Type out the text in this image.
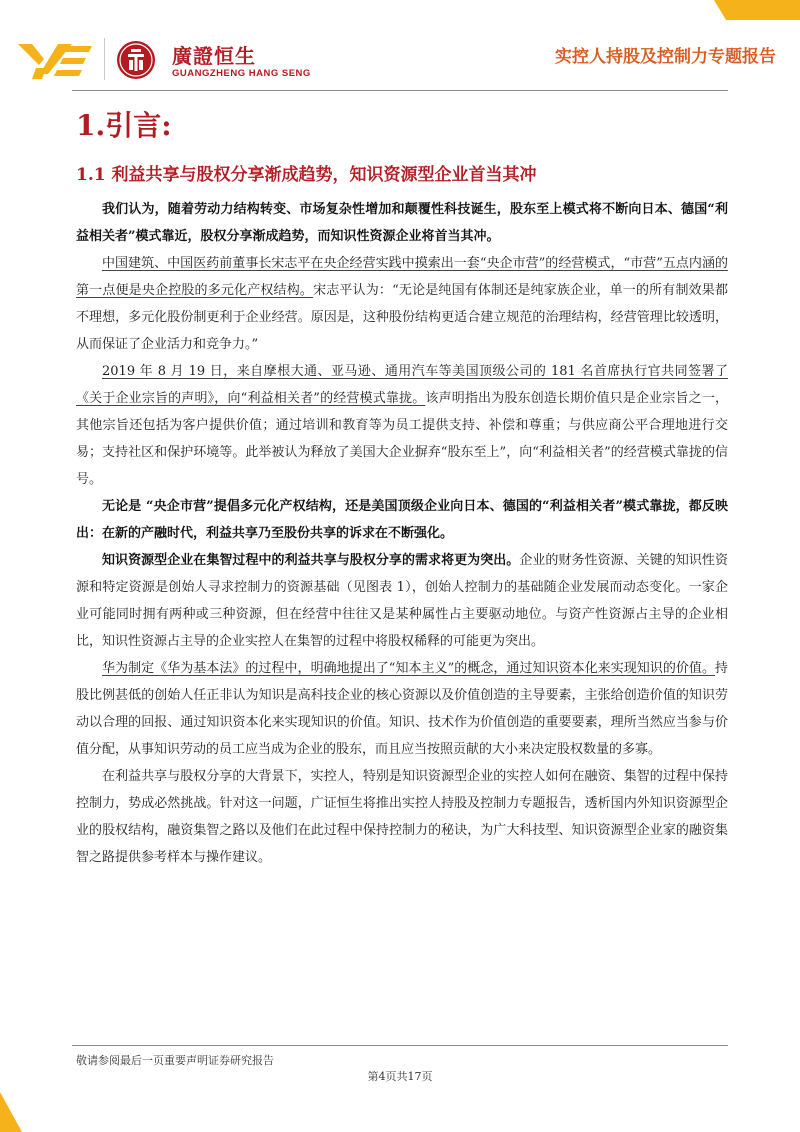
廣證恒生
GUANGZHENG HANG SENG
实控人持股及控制力专题报告
1.引言:
1.1 利益共享与股权分享渐成趋势，知识资源型企业首当其冲

我们认为，随着劳动力结构转变、市场复杂性增加和颠覆性科技诞生，股东至上模式将不断向日本、德国“利益相关者”模式靠近，股权分享渐成趋势，而知识性资源企业将首当其冲。

中国建筑、中国医药前董事长宋志平在央企经营实践中摸索出一套“央企市营”的经营模式，“市营”五点内涵的第一点便是央企控股的多元化产权结构。宋志平认为：“无论是纯国有体制还是纯家族企业，单一的所有制效果都不理想，多元化股份制更利于企业经营。原因是，这种股份结构更适合建立规范的治理结构，经营管理比较透明，从而保证了企业活力和竞争力。”

2019 年 8 月 19 日，来自摩根大通、亚马逊、通用汽车等美国顶级公司的 181 名首席执行官共同签署了《关于企业宗旨的声明》，向“利益相关者”的经营模式靠拢。该声明指出为股东创造长期价值只是企业宗旨之一，其他宗旨还包括为客户提供价值；通过培训和教育等为员工提供支持、补偿和尊重；与供应商公平合理地进行交易；支持社区和保护环境等。此举被认为释放了美国大企业摒弃“股东至上”，向“利益相关者”的经营模式靠拢的信号。

无论是 “央企市营”提倡多元化产权结构，还是美国顶级企业向日本、德国的“利益相关者”模式靠拢，都反映出：在新的产融时代，利益共享乃至股份共享的诉求在不断强化。

知识资源型企业在集智过程中的利益共享与股权分享的需求将更为突出。企业的财务性资源、关键的知识性资源和特定资源是创始人寻求控制力的资源基础（见图表 1），创始人控制力的基础随企业发展而动态变化。一家企业可能同时拥有两种或三种资源，但在经营中往往又是某种属性占主要驱动地位。与资产性资源占主导的企业相比，知识性资源占主导的企业实控人在集智的过程中将股权稀释的可能更为突出。

华为制定《华为基本法》的过程中，明确地提出了“知本主义”的概念，通过知识资本化来实现知识的价值。持股比例甚低的创始人任正非认为知识是高科技企业的核心资源以及价值创造的主导要素，主张给创造价值的知识劳动以合理的回报、通过知识资本化来实现知识的价值。知识、技术作为价值创造的重要要素，理所当然应当参与价值分配，从事知识劳动的员工应当成为企业的股东，而且应当按照贡献的大小来决定股权数量的多寡。

在利益共享与股权分享的大背景下，实控人，特别是知识资源型企业的实控人如何在融资、集智的过程中保持控制力，势成必然挑战。针对这一问题，广证恒生将推出实控人持股及控制力专题报告，透析国内外知识资源型企业的股权结构，融资集智之路以及他们在此过程中保持控制力的秘诀，为广大科技型、知识资源型企业家的融资集智之路提供参考样本与操作建议。

敬请参阅最后一页重要声明证券研究报告
第4页共17页
